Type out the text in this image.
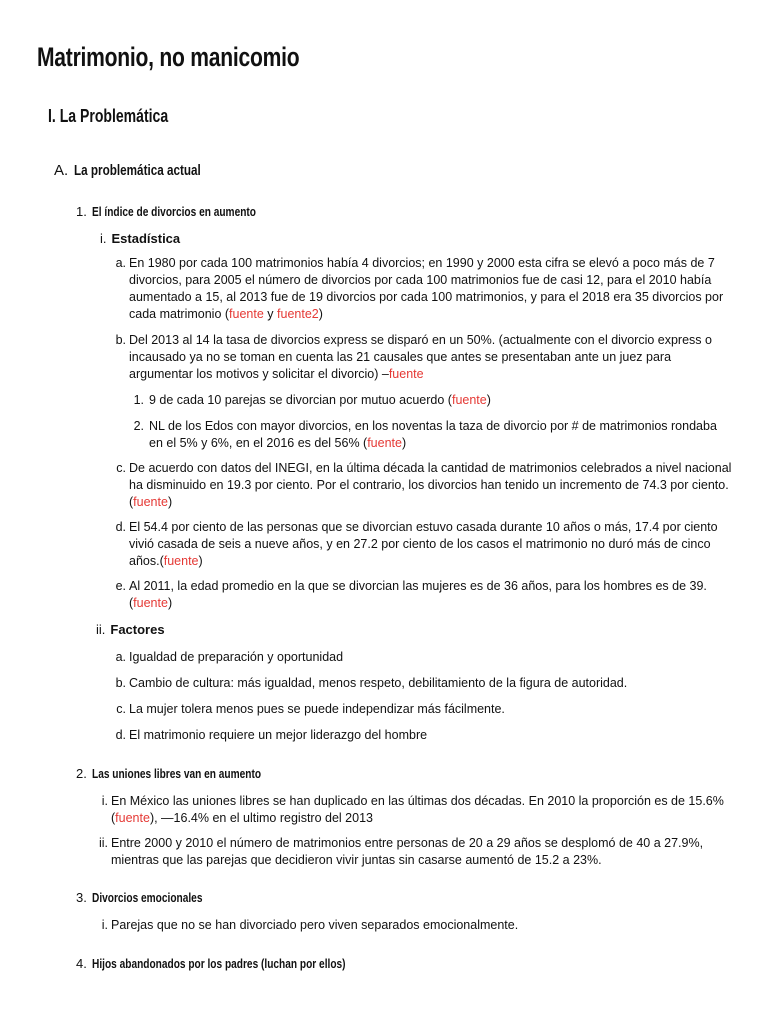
Matrimonio, no manicomio
I. La Problemática
A. La problemática actual
1. El índice de divorcios en aumento
i. Estadística
a. En 1980 por cada 100 matrimonios había 4 divorcios; en 1990 y 2000 esta cifra se elevó a poco más de 7 divorcios, para 2005 el número de divorcios por cada 100 matrimonios fue de casi 12, para el 2010 había aumentado a 15, al 2013 fue de 19 divorcios por cada 100 matrimonios, y para el 2018 era 35 divorcios por cada matrimonio (fuente y fuente2)
b. Del 2013 al 14 la tasa de divorcios express se disparó en un 50%. (actualmente con el divorcio express o incausado ya no se toman en cuenta las 21 causales que antes se presentaban ante un juez para argumentar los motivos y solicitar el divorcio) –fuente
1. 9 de cada 10 parejas se divorcian por mutuo acuerdo (fuente)
2. NL de los Edos con mayor divorcios, en los noventas la taza de divorcio por # de matrimonios rondaba en el 5% y 6%, en el 2016 es del 56% (fuente)
c. De acuerdo con datos del INEGI, en la última década la cantidad de matrimonios celebrados a nivel nacional ha disminuido en 19.3 por ciento. Por el contrario, los divorcios han tenido un incremento de 74.3 por ciento.(fuente)
d. El 54.4 por ciento de las personas que se divorcian estuvo casada durante 10 años o más, 17.4 por ciento vivió casada de seis a nueve años, y en 27.2 por ciento de los casos el matrimonio no duró más de cinco años.(fuente)
e. Al 2011, la edad promedio en la que se divorcian las mujeres es de 36 años, para los hombres es de 39. (fuente)
ii. Factores
a. Igualdad de preparación y oportunidad
b. Cambio de cultura: más igualdad, menos respeto, debilitamiento de la figura de autoridad.
c. La mujer tolera menos pues se puede independizar más fácilmente.
d. El matrimonio requiere un mejor liderazgo del hombre
2. Las uniones libres van en aumento
i. En México las uniones libres se han duplicado en las últimas dos décadas. En 2010 la proporción es de 15.6% (fuente), —16.4% en el ultimo registro del 2013
ii. Entre 2000 y 2010 el número de matrimonios entre personas de 20 a 29 años se desplomó de 40 a 27.9%, mientras que las parejas que decidieron vivir juntas sin casarse aumentó de 15.2 a 23%.
3. Divorcios emocionales
i. Parejas que no se han divorciado pero viven separados emocionalmente.
4. Hijos abandonados por los padres (luchan por ellos)
